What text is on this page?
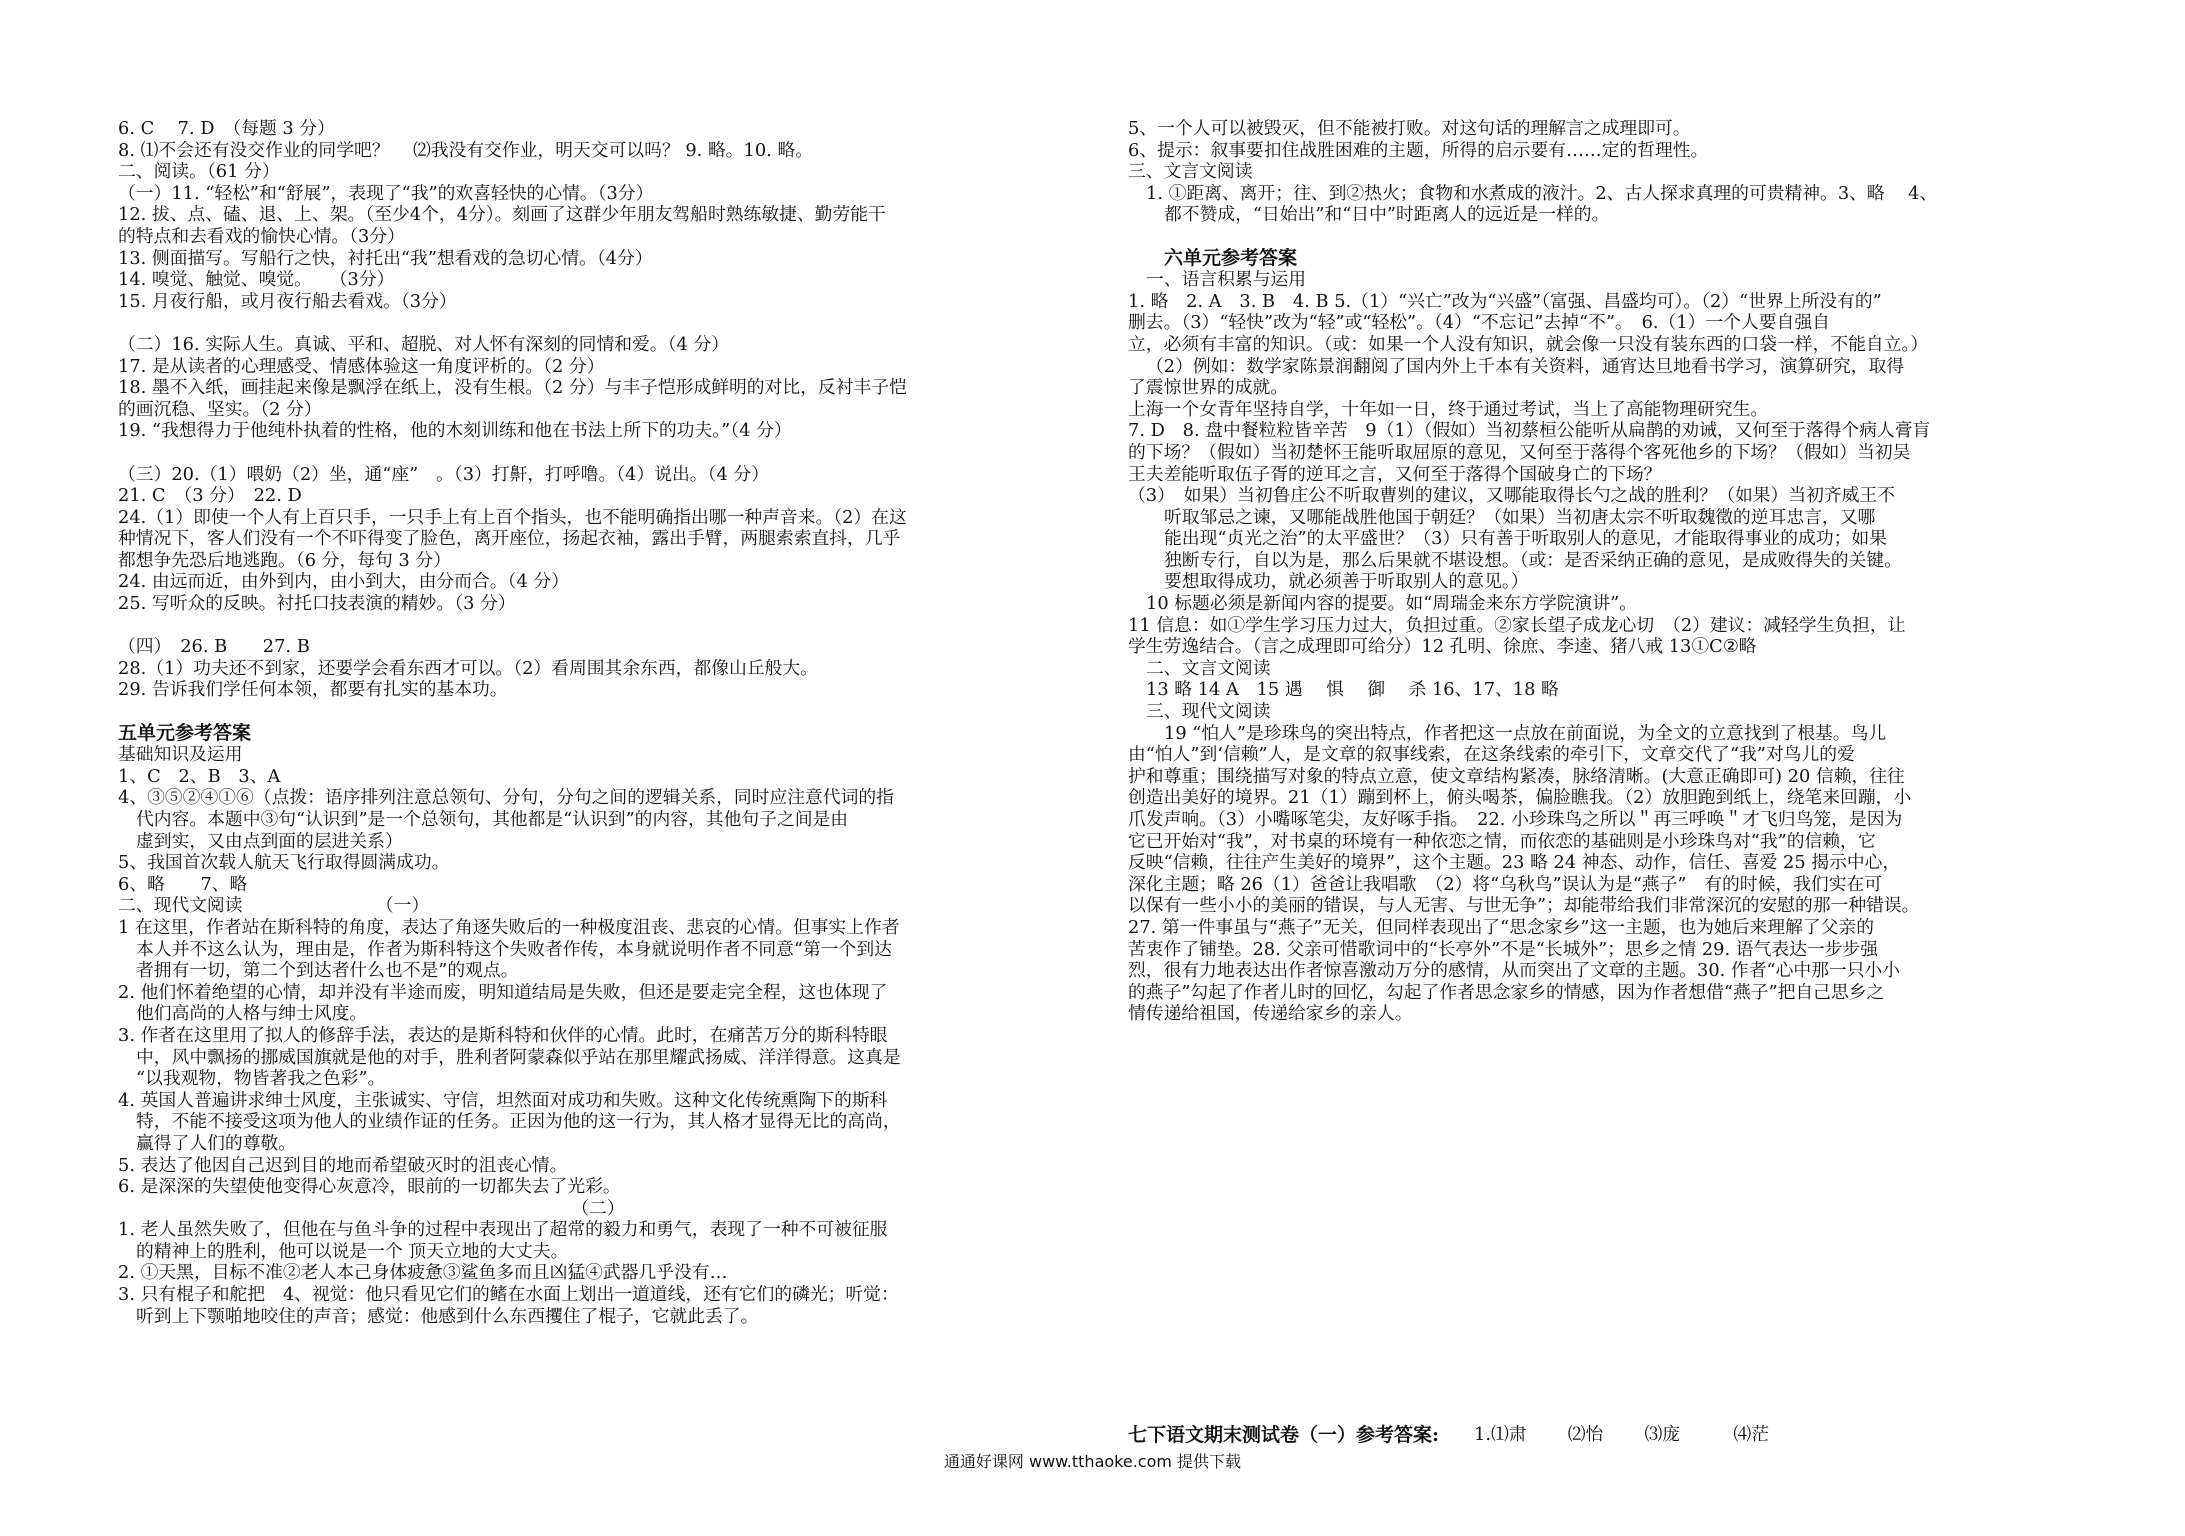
6. C　 7. D　（每题 3 分）
8. ⑴不会还有没交作业的同学吧？　 ⑵我没有交作业，明天交可以吗？ 9. 略。10. 略。
二、阅读。（61 分）
（一）11. “轻松”和“舒展”，表现了“我”的欢喜轻快的心情。（3分）
12. 拔、点、磕、退、上、架。（至少4个，4分）。刻画了这群少年朋友驾船时熟练敏捷、勤劳能干
的特点和去看戏的愉快心情。（3分）
13. 侧面描写。写船行之快，衬托出“我”想看戏的急切心情。（4分）
14. 嗅觉、触觉、嗅觉。　　（3分）
15. 月夜行船，或月夜行船去看戏。（3分）
（二）16. 实际人生。真诚、平和、超脱、对人怀有深刻的同情和爱。（4 分）
17. 是从读者的心理感受、情感体验这一角度评析的。（2 分）
18. 墨不入纸，画挂起来像是飘浮在纸上，没有生根。（2 分）与丰子恺形成鲜明的对比，反衬丰子恺
的画沉稳、坚实。（2 分）
19. “我想得力于他纯朴执着的性格，他的木刻训练和他在书法上所下的功夫。”（4 分）
（三）20.（1）喂奶（2）坐，通“座”　。（3）打鼾，打呼噜。（4）说出。（4 分）
21. C　（3 分）　22. D
24.（1）即使一个人有上百只手，一只手上有上百个指头，也不能明确指出哪一种声音来。（2）在这
种情况下，客人们没有一个不吓得变了脸色，离开座位，扬起衣袖，露出手臂，两腿索索直抖，几乎
都想争先恐后地逃跑。（6 分，每句 3 分）
24. 由远而近，由外到内，由小到大，由分而合。（4 分）
25. 写听众的反映。衬托口技表演的精妙。（3 分）
（四）　26. B　　27. B
28.（1）功夫还不到家，还要学会看东西才可以。（2）看周围其余东西，都像山丘般大。
29. 告诉我们学任何本领，都要有扎实的基本功。
五单元参考答案
基础知识及运用
1、C　2、B　3、A
4、③⑤②④①⑥（点拨：语序排列注意总领句、分句，分句之间的逻辑关系，同时应注意代词的指
代内容。本题中③句“认识到”是一个总领句，其他都是“认识到”的内容，其他句子之间是由
虚到实，又由点到面的层进关系）
5、我国首次载人航天飞行取得圆满成功。
6、略　　7、略
二、现代文阅读　　　　　　　　（一）
1 在这里，作者站在斯科特的角度，表达了角逐失败后的一种极度沮丧、悲哀的心情。但事实上作者
本人并不这么认为，理由是，作者为斯科特这个失败者作传，本身就说明作者不同意“第一个到达
者拥有一切，第二个到达者什么也不是”的观点。
2. 他们怀着绝望的心情，却并没有半途而废，明知道结局是失败，但还是要走完全程，这也体现了
他们高尚的人格与绅士风度。
3. 作者在这里用了拟人的修辞手法，表达的是斯科特和伙伴的心情。此时，在痛苦万分的斯科特眼
中，风中飘扬的挪威国旗就是他的对手，胜利者阿蒙森似乎站在那里耀武扬威、洋洋得意。这真是
“以我观物，物皆著我之色彩”。
4. 英国人普遍讲求绅士风度，主张诚实、守信，坦然面对成功和失败。这种文化传统熏陶下的斯科
特，不能不接受这项为他人的业绩作证的任务。正因为他的这一行为，其人格才显得无比的高尚，
赢得了人们的尊敬。
5. 表达了他因自己迟到目的地而希望破灭时的沮丧心情。
6. 是深深的失望使他变得心灰意冷，眼前的一切都失去了光彩。
（二）
1. 老人虽然失败了，但他在与鱼斗争的过程中表现出了超常的毅力和勇气，表现了一种不可被征服
的精神上的胜利，他可以说是一个 顶天立地的大丈夫。
2. ①天黑，目标不准②老人本己身体疲惫③鲨鱼多而且凶猛④武器几乎没有…
3. 只有棍子和舵把　4、视觉：他只看见它们的鳍在水面上划出一道道线，还有它们的磷光；听觉：
听到上下颚啪地咬住的声音；感觉：他感到什么东西攫住了棍子，它就此丢了。
5、一个人可以被毁灭，但不能被打败。对这句话的理解言之成理即可。
6、提示：叙事要扣住战胜困难的主题，所得的启示要有……定的哲理性。
三、文言文阅读
1. ①距离、离开；往、到②热火；食物和水煮成的液汁。2、古人探求真理的可贵精神。3、略　 4、
都不赞成，“日始出”和“日中”时距离人的远近是一样的。
六单元参考答案
一、语言积累与运用
1. 略　2. A　3. B　4. B 5.（1）“兴亡”改为“兴盛”（富强、昌盛均可）。（2）“世界上所没有的”
删去。（3）“轻快”改为“轻”或“轻松”。（4）“不忘记”去掉“不”。　6.（1）一个人要自强自
立，必须有丰富的知识。（或：如果一个人没有知识，就会像一只没有装东西的口袋一样，不能自立。）
（2）例如：数学家陈景润翻阅了国内外上千本有关资料，通宵达旦地看书学习，演算研究，取得
了震惊世界的成就。
上海一个女青年坚持自学，十年如一日，终于通过考试，当上了高能物理研究生。
7. D　8. 盘中餐粒粒皆辛苦　9（1）（假如）当初蔡桓公能听从扁鹊的劝诫，又何至于落得个病人膏肓
的下场？（假如）当初楚怀王能听取屈原的意见，又何至于落得个客死他乡的下场？（假如）当初吴
王夫差能听取伍子胥的逆耳之言，又何至于落得个国破身亡的下场？
（3）　如果）当初鲁庄公不听取曹刿的建议，又哪能取得长勺之战的胜利？（如果）当初齐威王不
听取邹忌之谏，又哪能战胜他国于朝廷？（如果）当初唐太宗不听取魏徵的逆耳忠言，又哪
能出现“贞光之治”的太平盛世？（3）只有善于听取别人的意见，才能取得事业的成功；如果
独断专行，自以为是，那么后果就不堪设想。（或：是否采纳正确的意见，是成败得失的关键。
要想取得成功，就必须善于听取别人的意见。）
10 标题必须是新闻内容的提要。如“周瑞金来东方学院演讲”。
11 信息：如①学生学习压力过大，负担过重。②家长望子成龙心切　（2）建议：减轻学生负担，让
学生劳逸结合。（言之成理即可给分）12 孔明、徐庶、李逵、猪八戒 13①C②略
二、文言文阅读
13 略 14 A　15 遇　 惧　 御　 杀 16、17、18 略
三、现代文阅读
19 “怕人”是珍珠鸟的突出特点，作者把这一点放在前面说，为全文的立意找到了根基。鸟儿
由“怕人”到‘信赖”人，是文章的叙事线索，在这条线索的牵引下，文章交代了“我”对鸟儿的爱
护和尊重；围绕描写对象的特点立意，使文章结构紧凑，脉络清晰。(大意正确即可) 20 信赖，往往
创造出美好的境界。21（1）蹦到杯上，俯头喝茶，偏脸瞧我。（2）放胆跑到纸上，绕笔来回蹦，小
爪发声响。（3）小嘴啄笔尖，友好啄手指。　22. 小珍珠鸟之所以＂再三呼唤＂才飞归鸟笼，是因为
它已开始对“我”，对书桌的环境有一种依恋之情，而依恋的基础则是小珍珠鸟对“我”的信赖，它
反映“信赖，往往产生美好的境界”，这个主题。23 略 24 神态、动作，信任、喜爱 25 揭示中心，
深化主题；略 26（1）爸爸让我唱歌　（2）将“乌秋鸟”误认为是“燕子”　有的时候，我们实在可
以保有一些小小的美丽的错误，与人无害、与世无争”；却能带给我们非常深沉的安慰的那一种错误。
27. 第一件事虽与“燕子”无关，但同样表现出了“思念家乡”这一主题，也为她后来理解了父亲的
苦衷作了铺垫。28. 父亲可惜歌词中的“长亭外”不是“长城外”；思乡之情 29. 语气表达一步步强
烈，很有力地表达出作者惊喜激动万分的感情，从而突出了文章的主题。30. 作者“心中那一只小小
的燕子”勾起了作者儿时的回忆，勾起了作者思念家乡的情感，因为作者想借“燕子”把自己思乡之
情传递给祖国，传递给家乡的亲人。
七下语文期末测试卷（一）参考答案: 1.⑴肃　　 ⑵怡　　 ⑶庞　　　⑷茫
通通好课网 www.tthaoke.com 提供下载
